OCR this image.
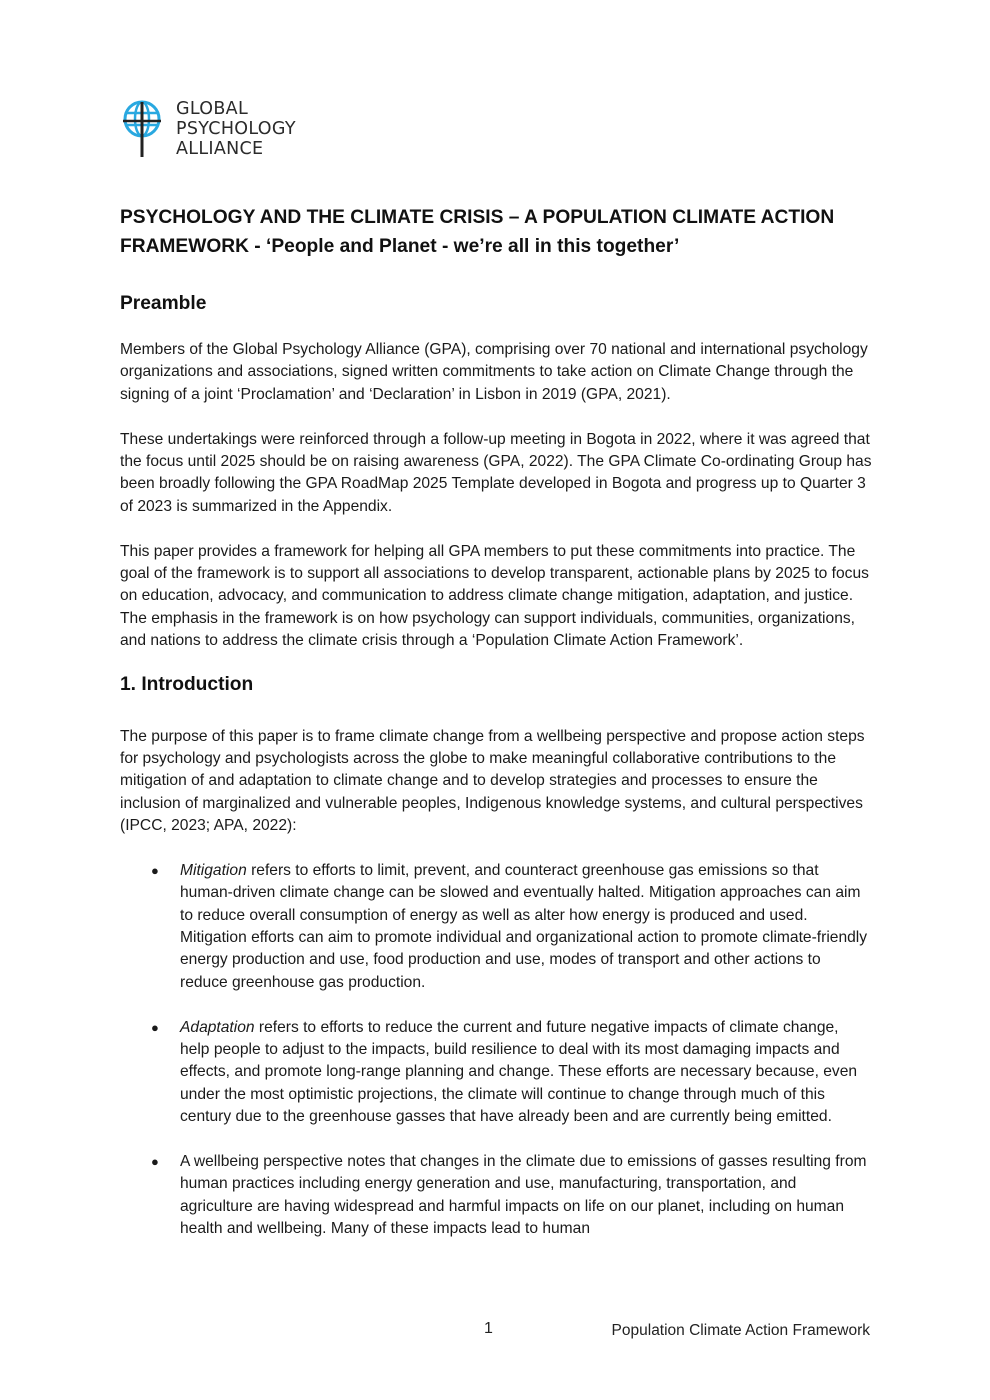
GLOBAL
PSYCHOLOGY
ALLIANCE
PSYCHOLOGY AND THE CLIMATE CRISIS – A POPULATION CLIMATE ACTION FRAMEWORK - ‘People and Planet - we’re all in this together’
Preamble

Members of the Global Psychology Alliance (GPA), comprising over 70 national and international psychology organizations and associations, signed written commitments to take action on Climate Change through the signing of a joint ‘Proclamation’ and ‘Declaration’ in Lisbon in 2019 (GPA, 2021).

These undertakings were reinforced through a follow-up meeting in Bogota in 2022, where it was agreed that the focus until 2025 should be on raising awareness (GPA, 2022). The GPA Climate Co-ordinating Group has been broadly following the GPA RoadMap 2025 Template developed in Bogota and progress up to Quarter 3 of 2023 is summarized in the Appendix.

This paper provides a framework for helping all GPA members to put these commitments into practice. The goal of the framework is to support all associations to develop transparent, actionable plans by 2025 to focus on education, advocacy, and communication to address climate change mitigation, adaptation, and justice. The emphasis in the framework is on how psychology can support individuals, communities, organizations, and nations to address the climate crisis through a ‘Population Climate Action Framework’.

1. Introduction

The purpose of this paper is to frame climate change from a wellbeing perspective and propose action steps for psychology and psychologists across the globe to make meaningful collaborative contributions to the mitigation of and adaptation to climate change and to develop strategies and processes to ensure the inclusion of marginalized and vulnerable peoples, Indigenous knowledge systems, and cultural perspectives (IPCC, 2023; APA, 2022):

● Mitigation refers to efforts to limit, prevent, and counteract greenhouse gas emissions so that human-driven climate change can be slowed and eventually halted. Mitigation approaches can aim to reduce overall consumption of energy as well as alter how energy is produced and used. Mitigation efforts can aim to promote individual and organizational action to promote climate-friendly energy production and use, food production and use, modes of transport and other actions to reduce greenhouse gas production.
● Adaptation refers to efforts to reduce the current and future negative impacts of climate change, help people to adjust to the impacts, build resilience to deal with its most damaging impacts and effects, and promote long-range planning and change. These efforts are necessary because, even under the most optimistic projections, the climate will continue to change through much of this century due to the greenhouse gasses that have already been and are currently being emitted.
● A wellbeing perspective notes that changes in the climate due to emissions of gasses resulting from human practices including energy generation and use, manufacturing, transportation, and agriculture are having widespread and harmful impacts on life on our planet, including on human health and wellbeing. Many of these impacts lead to human
1	Population Climate Action Framework
